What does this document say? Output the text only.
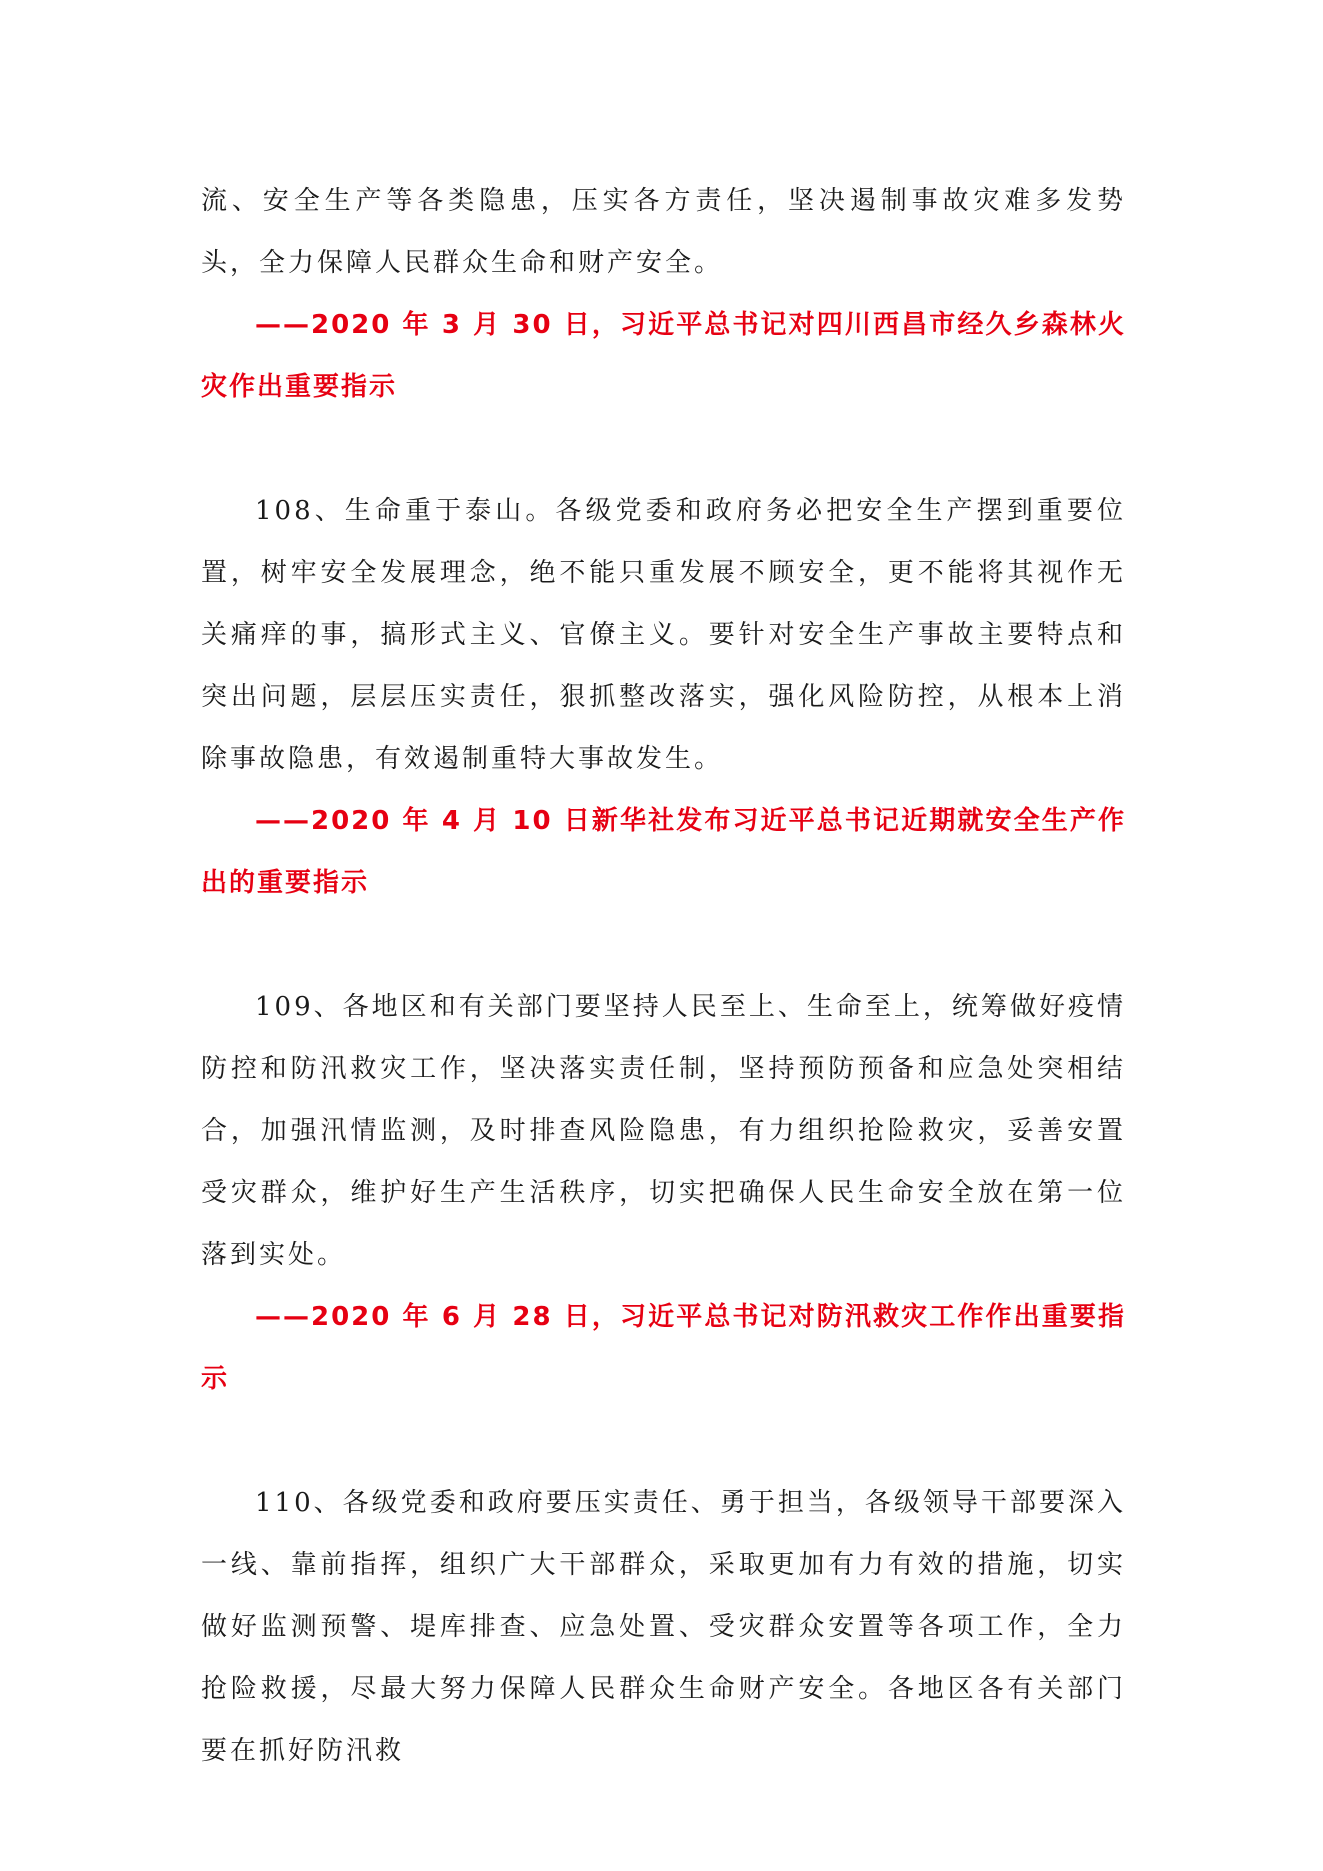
流、安全生产等各类隐患，压实各方责任，坚决遏制事故灾难多发势头，全力保障人民群众生命和财产安全。

——2020 年 3 月 30 日，习近平总书记对四川西昌市经久乡森林火灾作出重要指示

108、生命重于泰山。各级党委和政府务必把安全生产摆到重要位置，树牢安全发展理念，绝不能只重发展不顾安全，更不能将其视作无关痛痒的事，搞形式主义、官僚主义。要针对安全生产事故主要特点和突出问题，层层压实责任，狠抓整改落实，强化风险防控，从根本上消除事故隐患，有效遏制重特大事故发生。

——2020 年 4 月 10 日新华社发布习近平总书记近期就安全生产作出的重要指示

109、各地区和有关部门要坚持人民至上、生命至上，统筹做好疫情防控和防汛救灾工作，坚决落实责任制，坚持预防预备和应急处突相结合，加强汛情监测，及时排查风险隐患，有力组织抢险救灾，妥善安置受灾群众，维护好生产生活秩序，切实把确保人民生命安全放在第一位落到实处。

——2020 年 6 月 28 日，习近平总书记对防汛救灾工作作出重要指示

110、各级党委和政府要压实责任、勇于担当，各级领导干部要深入一线、靠前指挥，组织广大干部群众，采取更加有力有效的措施，切实做好监测预警、堤库排查、应急处置、受灾群众安置等各项工作，全力抢险救援，尽最大努力保障人民群众生命财产安全。各地区各有关部门要在抓好防汛救
